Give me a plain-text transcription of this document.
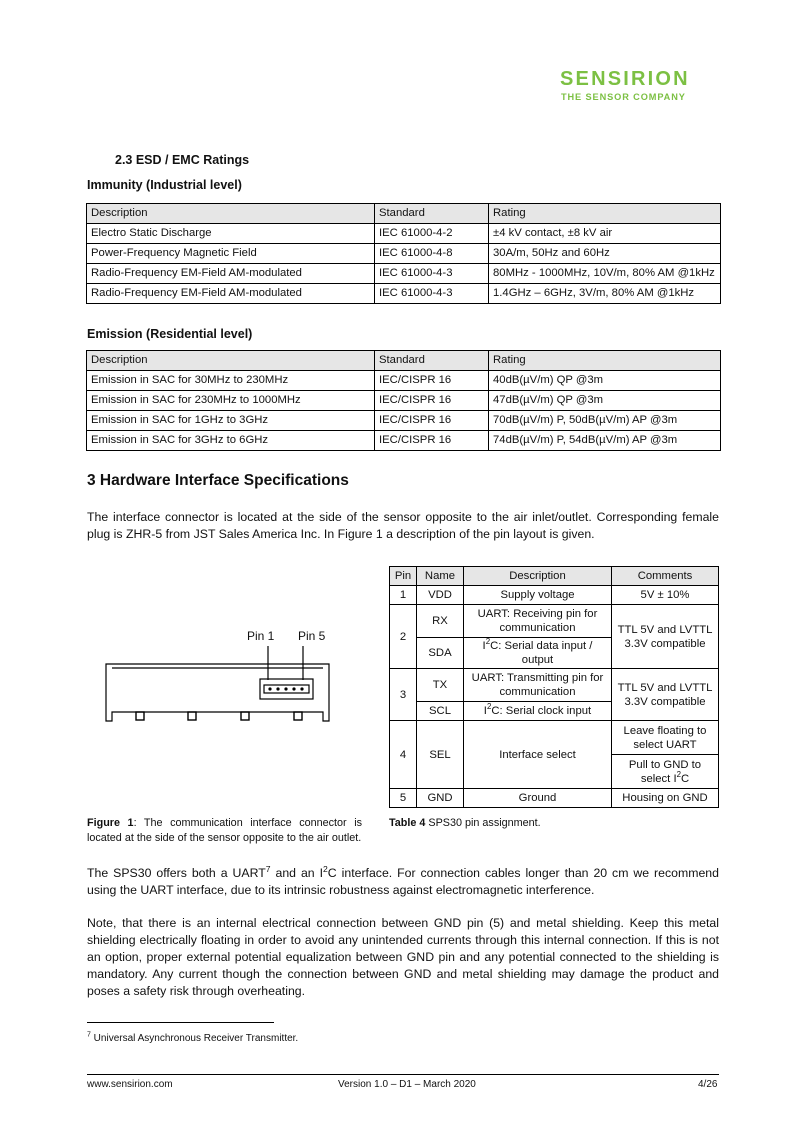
SENSIRION
THE SENSOR COMPANY
2.3 ESD / EMC Ratings
Immunity (Industrial level)
Description	Standard	Rating
Electro Static Discharge	IEC 61000-4-2	±4 kV contact, ±8 kV air
Power-Frequency Magnetic Field	IEC 61000-4-8	30A/m, 50Hz and 60Hz
Radio-Frequency EM-Field AM-modulated	IEC 61000-4-3	80MHz - 1000MHz, 10V/m, 80% AM @1kHz
Radio-Frequency EM-Field AM-modulated	IEC 61000-4-3	1.4GHz – 6GHz, 3V/m, 80% AM @1kHz
Emission (Residential level)
Description	Standard	Rating
Emission in SAC for 30MHz to 230MHz	IEC/CISPR 16	40dB(µV/m) QP @3m
Emission in SAC for 230MHz to 1000MHz	IEC/CISPR 16	47dB(µV/m) QP @3m
Emission in SAC for 1GHz to 3GHz	IEC/CISPR 16	70dB(µV/m) P, 50dB(µV/m) AP @3m
Emission in SAC for 3GHz to 6GHz	IEC/CISPR 16	74dB(µV/m) P, 54dB(µV/m) AP @3m
3 Hardware Interface Specifications
The interface connector is located at the side of the sensor opposite to the air inlet/outlet. Corresponding female plug is ZHR-5 from JST Sales America Inc. In Figure 1 a description of the pin layout is given.
Pin 1 Pin 5
Figure 1: The communication interface connector is located at the side of the sensor opposite to the air outlet.
Pin	Name	Description	Comments
1	VDD	Supply voltage	5V ± 10%
2	RX	UART: Receiving pin for communication	TTL 5V and LVTTL 3.3V compatible
	SDA	$I^2C$: Serial data input / output	
3	TX	UART: Transmitting pin for communication	TTL 5V and LVTTL 3.3V compatible
	SCL	$I^2C$: Serial clock input	
4	SEL	Interface select	Leave floating to select UART
			Pull to GND to select $I^2C$
5	GND	Ground	Housing on GND
Table 4 SPS30 pin assignment.
The SPS30 offers both a UART$^7$ and an $I^2C$ interface. For connection cables longer than 20 cm we recommend using the UART interface, due to its intrinsic robustness against electromagnetic interference.
Note, that there is an internal electrical connection between GND pin (5) and metal shielding. Keep this metal shielding electrically floating in order to avoid any unintended currents through this internal connection. If this is not an option, proper external potential equalization between GND pin and any potential connected to the shielding is mandatory. Any current though the connection between GND and metal shielding may damage the product and poses a safety risk through overheating.
$^7$ Universal Asynchronous Receiver Transmitter.
www.sensirion.com	Version 1.0 – D1 – March 2020	4/26
